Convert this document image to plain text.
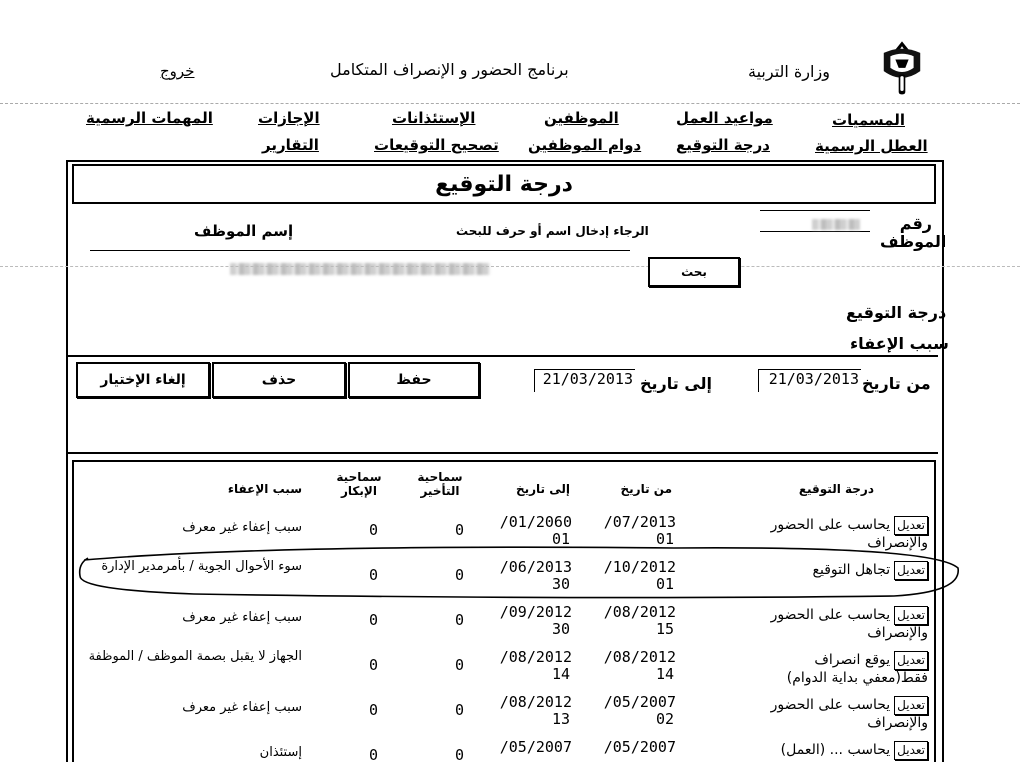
وزارة التربية
برنامج الحضور و الإنصراف المتكامل
خروج
المسميات
مواعيد العمل
الموظفين
الإستئذانات
الإجازات
المهمات الرسمية
العطل الرسمية
درجة التوقيع
دوام الموظفين
تصحيح التوقيعات
التقارير
درجة التوقيع
رقم الموظف
الرجاء إدخال اسم أو حرف للبحث
إسم الموظف
بحث
درجة التوقيع
سبب الإعفاء
من تاريخ
21/03/2013
إلى تاريخ
21/03/2013
حفظ
حذف
إلغاء الإختيار
درجة التوقيع
من تاريخ
إلى تاريخ
سماحية التأخير
سماحية الإبكار
سبب الإعفاء
تعديليحاسب على الحضور والإنصراف
/07/2013
01
/01/2060
01
0
0
سبب إعفاء غير معرف
تعديلتجاهل التوقيع
/10/2012
01
/06/2013
30
0
0
سوء الأحوال الجوية / بأمرمدير الإدارة
تعديليحاسب على الحضور والإنصراف
/08/2012
15
/09/2012
30
0
0
سبب إعفاء غير معرف
تعديليوقع انصراف فقط(معفي بداية الدوام)
/08/2012
14
/08/2012
14
0
0
الجهاز لا يقبل بصمة الموظف / الموظفة
تعديليحاسب على الحضور والإنصراف
/05/2007
02
/08/2012
13
0
0
سبب إعفاء غير معرف
تعديليحاسب ... (العمل)
/05/2007
/05/2007
0
0
إستئذان
